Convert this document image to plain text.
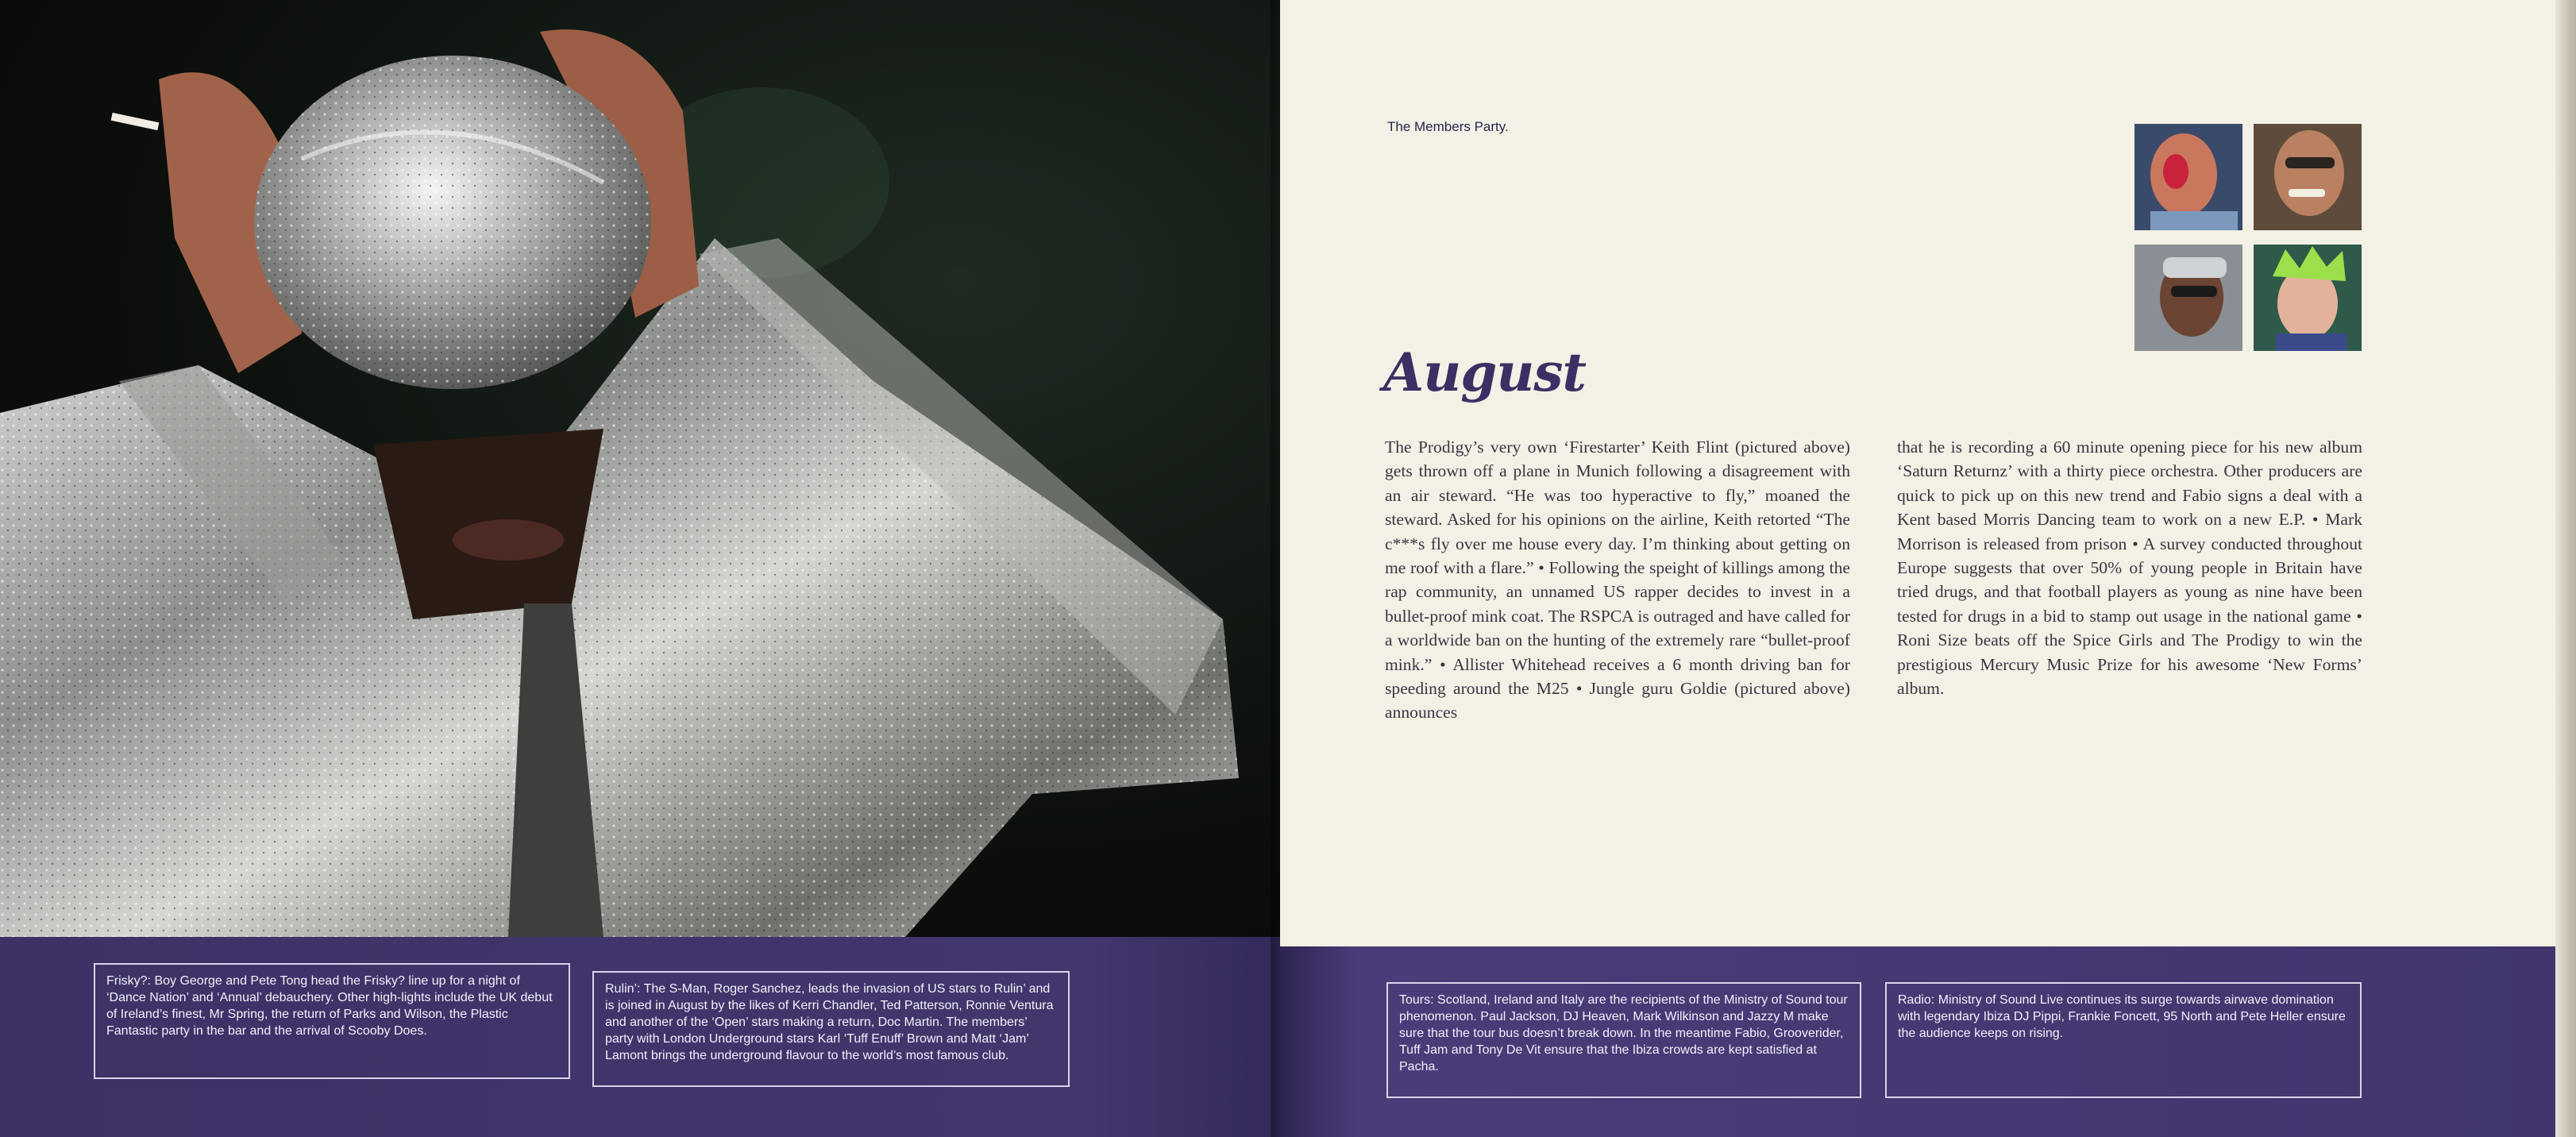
Frisky?: Boy George and Pete Tong head the Frisky? line up for a night of ‘Dance Nation’ and ‘Annual’ debauchery. Other high-lights include the UK debut of Ireland’s finest, Mr Spring, the return of Parks and Wilson, the Plastic Fantastic party in the bar and the arrival of Scooby Does.

Rulin’: The S-Man, Roger Sanchez, leads the invasion of US stars to Rulin’ and is joined in August by the likes of Kerri Chandler, Ted Patterson, Ronnie Ventura and another of the ‘Open’ stars making a return, Doc Martin. The members’ party with London Underground stars Karl ‘Tuff Enuff’ Brown and Matt ‘Jam’ Lamont brings the underground flavour to the world’s most famous club.

The Members Party.
August

The Prodigy’s very own ‘Firestarter’ Keith Flint (pictured above) gets thrown off a plane in Munich following a disagreement with an air steward. “He was too hyperactive to fly,” moaned the steward. Asked for his opinions on the airline, Keith retorted “The c***s fly over me house every day. I’m thinking about getting on me roof with a flare.” • Following the speight of killings among the rap community, an unnamed US rapper decides to invest in a bullet-proof mink coat. The RSPCA is outraged and have called for a worldwide ban on the hunting of the extremely rare “bullet-proof mink.” • Allister Whitehead receives a 6 month driving ban for speeding around the M25 • Jungle guru Goldie (pictured above) announces

that he is recording a 60 minute opening piece for his new album ‘Saturn Returnz’ with a thirty piece orchestra. Other producers are quick to pick up on this new trend and Fabio signs a deal with a Kent based Morris Dancing team to work on a new E.P. • Mark Morrison is released from prison • A survey conducted throughout Europe suggests that over 50% of young people in Britain have tried drugs, and that football players as young as nine have been tested for drugs in a bid to stamp out usage in the national game • Roni Size beats off the Spice Girls and The Prodigy to win the prestigious Mercury Music Prize for his awesome ‘New Forms’ album.

Tours: Scotland, Ireland and Italy are the recipients of the Ministry of Sound tour phenomenon. Paul Jackson, DJ Heaven, Mark Wilkinson and Jazzy M make sure that the tour bus doesn’t break down. In the meantime Fabio, Grooverider, Tuff Jam and Tony De Vit ensure that the Ibiza crowds are kept satisfied at Pacha.

Radio: Ministry of Sound Live continues its surge towards airwave domination with legendary Ibiza DJ Pippi, Frankie Foncett, 95 North and Pete Heller ensure the audience keeps on rising.
